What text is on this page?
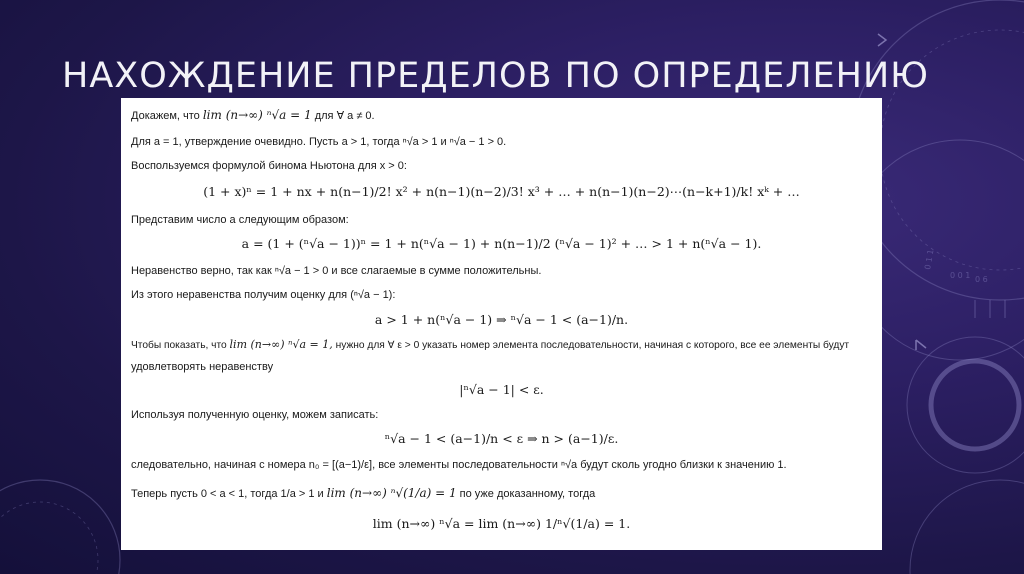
0 1 1
0 0 1 0 6
НАХОЖДЕНИЕ ПРЕДЕЛОВ ПО ОПРЕДЕЛЕНИЮ
Докажем, что lim (n→∞) ⁿ√a = 1 для ∀ a ≠ 0.
Для a = 1, утверждение очевидно. Пусть a > 1, тогда ⁿ√a > 1 и ⁿ√a − 1 > 0.
Воспользуемся формулой бинома Ньютона для x > 0:
(1 + x)ⁿ = 1 + nx + n(n−1)/2! x² + n(n−1)(n−2)/3! x³ + … + n(n−1)(n−2)⋯(n−k+1)/k! xᵏ + …
Представим число a следующим образом:
a = (1 + (ⁿ√a − 1))ⁿ = 1 + n(ⁿ√a − 1) + n(n−1)/2 (ⁿ√a − 1)² + … > 1 + n(ⁿ√a − 1).
Неравенство верно, так как ⁿ√a − 1 > 0 и все слагаемые в сумме положительны.
Из этого неравенства получим оценку для (ⁿ√a − 1):
a > 1 + n(ⁿ√a − 1) ⇒ ⁿ√a − 1 < (a−1)/n.
Чтобы показать, что lim (n→∞) ⁿ√a = 1, нужно для ∀ ε > 0 указать номер элемента последовательности, начиная с которого, все ее элементы будут
удовлетворять неравенству
|ⁿ√a − 1| < ε.
Используя полученную оценку, можем записать:
ⁿ√a − 1 < (a−1)/n < ε ⇒ n > (a−1)/ε.
следовательно, начиная с номера n₀ = [(a−1)/ε], все элементы последовательности ⁿ√a будут сколь угодно близки к значению 1.
Теперь пусть 0 < a < 1, тогда 1/a > 1 и lim (n→∞) ⁿ√(1/a) = 1 по уже доказанному, тогда
lim (n→∞) ⁿ√a = lim (n→∞) 1/ⁿ√(1/a) = 1.
